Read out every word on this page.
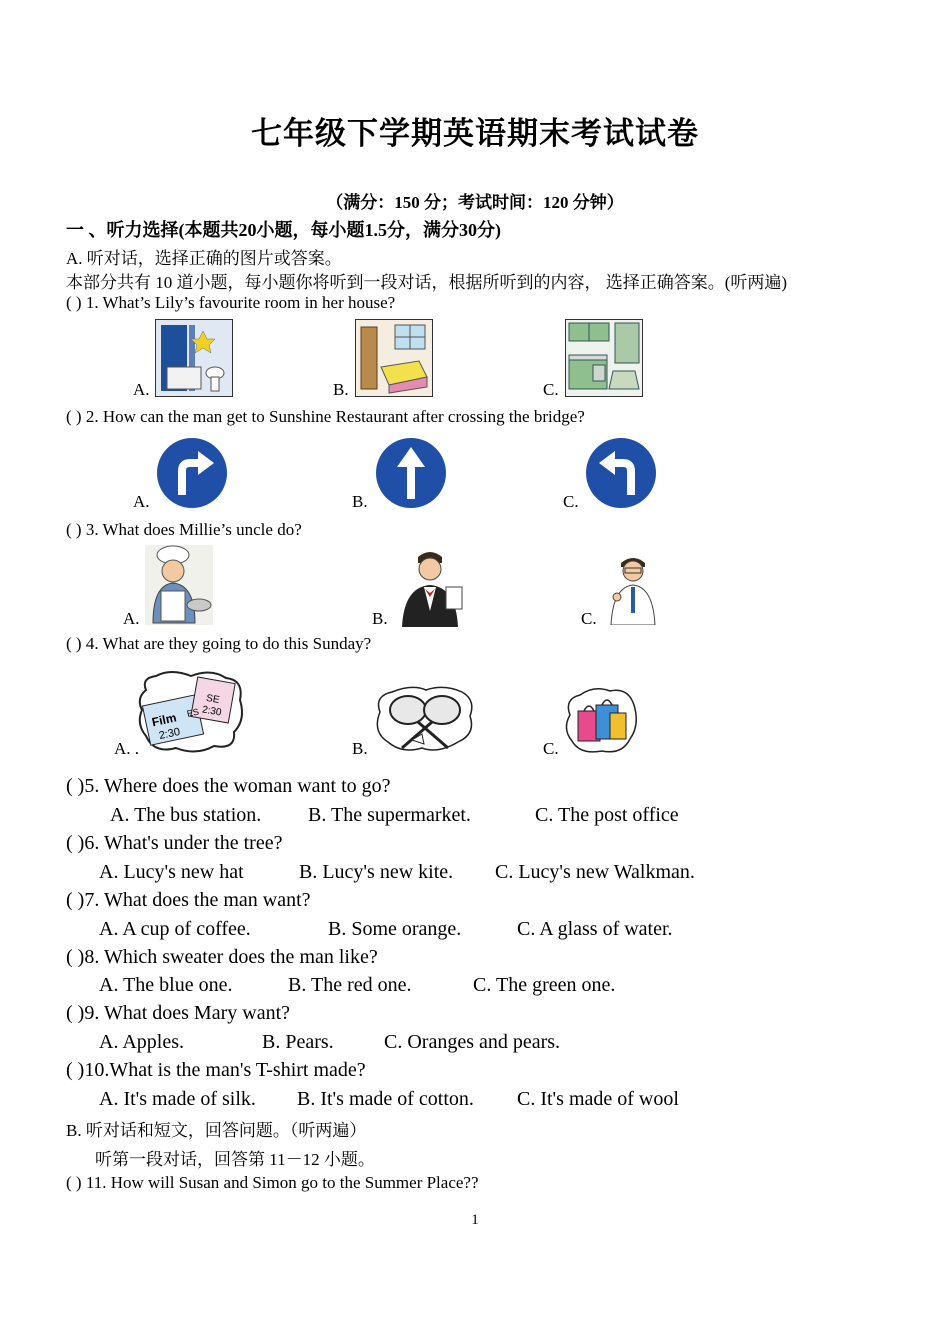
七年级下学期英语期末考试试卷
（满分：150 分；考试时间：120 分钟）
一 、听力选择(本题共20小题，每小题1.5分，满分30分)
A. 听对话，选择正确的图片或答案。
本部分共有 10 道小题，每小题你将听到一段对话，根据所听到的内容， 选择正确答案。(听两遍)
( ) 1. What’s Lily’s favourite room in her house?
A.	B.	C.
( ) 2. How can the man get to Sunshine Restaurant after crossing the bridge?
A.	B.	C.
( ) 3. What does Millie’s uncle do?
A.	B.	C.
( ) 4. What are they going to do this Sunday?
A. .
Film
2:30
ES
SE
2:30
B.	C.
( )5. Where does the woman want to go?
A. The bus station. B. The supermarket.	C. The post office
( )6. What's under the tree?
A. Lucy's new hat	B. Lucy's new kite. C. Lucy's new Walkman.
( )7. What does the man want?
A. A cup of coffee.	B. Some orange.	C. A glass of water.
( )8. Which sweater does the man like?
A. The blue one.	B. The red one.	C. The green one.
( )9. What does Mary want?
A. Apples.	B. Pears.	C. Oranges and pears.
( )10.What is the man's T-shirt made?
A. It's made of silk. B. It's made of cotton. C. It's made of wool
B. 听对话和短文，回答问题。（听两遍）
听第一段对话，回答第 11－12 小题。
( ) 11. How will Susan and Simon go to the Summer Place??
1
